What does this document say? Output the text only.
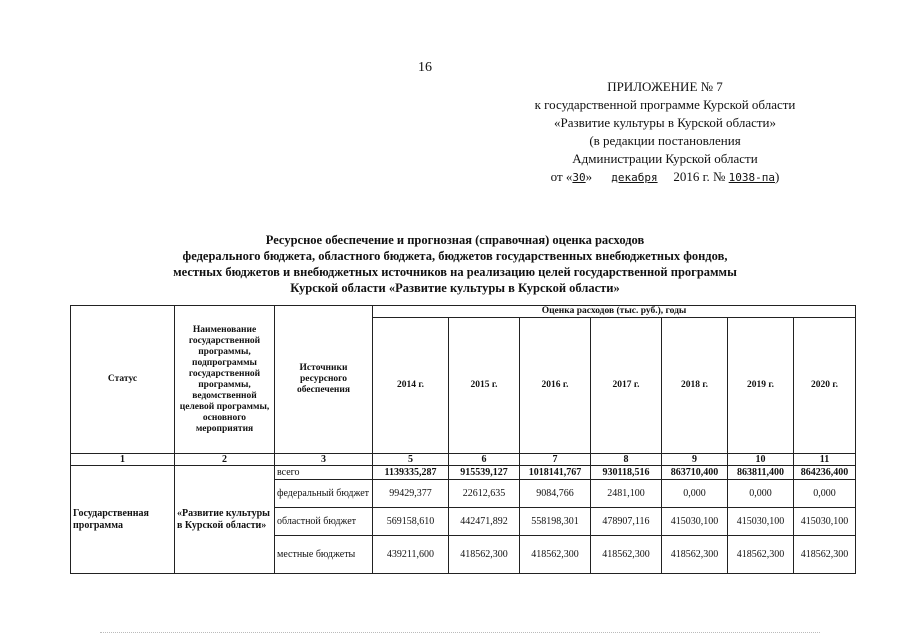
16
ПРИЛОЖЕНИЕ № 7
к государственной программе Курской области
«Развитие культуры в Курской области»
(в редакции постановления
Администрации Курской области
от «30» декабря 2016 г. № 1038-па)
Ресурсное обеспечение и прогнозная (справочная) оценка расходов
федерального бюджета, областного бюджета, бюджетов государственных внебюджетных фондов,
местных бюджетов и внебюджетных источников на реализацию целей государственной программы
Курской области «Развитие культуры в Курской области»
Статус	Наименование государственной программы, подпрограммы государственной программы, ведомственной целевой программы, основного мероприятия	Источники ресурсного обеспечения	Оценка расходов (тыс. руб.), годы						
			2014 г.	2015 г.	2016 г.	2017 г.	2018 г.	2019 г.	2020 г.
1	2	3	5	6	7	8	9	10	11
Государственная программа	«Развитие культуры в Курской области»	всего	1139335,287	915539,127	1018141,767	930118,516	863710,400	863811,400	864236,400
		федеральный бюджет	99429,377	22612,635	9084,766	2481,100	0,000	0,000	0,000
		областной бюджет	569158,610	442471,892	558198,301	478907,116	415030,100	415030,100	415030,100
		местные бюджеты	439211,600	418562,300	418562,300	418562,300	418562,300	418562,300	418562,300
